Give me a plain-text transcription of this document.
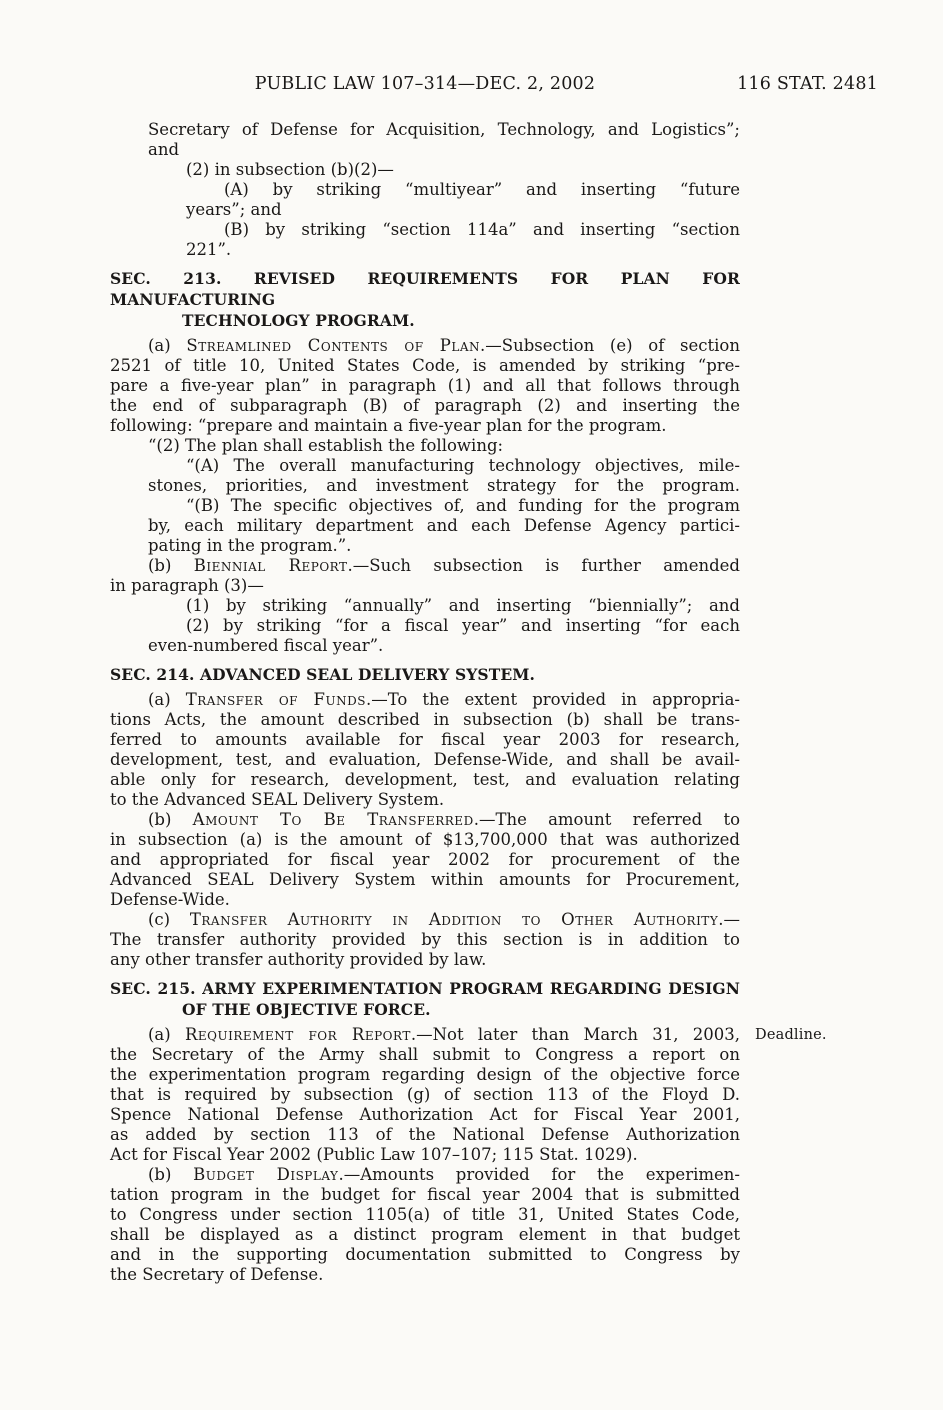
PUBLIC LAW 107–314—DEC. 2, 2002	116 STAT. 2481
Secretary of Defense for Acquisition, Technology, and Logistics”;
and
(2) in subsection (b)(2)—
(A) by striking “multiyear” and inserting “future
years”; and
(B) by striking “section 114a” and inserting “section
221”.
SEC. 213. REVISED REQUIREMENTS FOR PLAN FOR MANUFACTURING
TECHNOLOGY PROGRAM.
(a) Streamlined Contents of Plan.—Subsection (e) of section
2521 of title 10, United States Code, is amended by striking “pre-
pare a five-year plan” in paragraph (1) and all that follows through
the end of subparagraph (B) of paragraph (2) and inserting the
following: “prepare and maintain a five-year plan for the program.
“(2) The plan shall establish the following:
“(A) The overall manufacturing technology objectives, mile-
stones, priorities, and investment strategy for the program.
“(B) The specific objectives of, and funding for the program
by, each military department and each Defense Agency partici-
pating in the program.”.
(b) Biennial Report.—Such subsection is further amended
in paragraph (3)—
(1) by striking “annually” and inserting “biennially”; and
(2) by striking “for a fiscal year” and inserting “for each
even-numbered fiscal year”.
SEC. 214. ADVANCED SEAL DELIVERY SYSTEM.
(a) Transfer of Funds.—To the extent provided in appropria-
tions Acts, the amount described in subsection (b) shall be trans-
ferred to amounts available for fiscal year 2003 for research,
development, test, and evaluation, Defense-Wide, and shall be avail-
able only for research, development, test, and evaluation relating
to the Advanced SEAL Delivery System.
(b) Amount To Be Transferred.—The amount referred to
in subsection (a) is the amount of $13,700,000 that was authorized
and appropriated for fiscal year 2002 for procurement of the
Advanced SEAL Delivery System within amounts for Procurement,
Defense-Wide.
(c) Transfer Authority in Addition to Other Authority.—
The transfer authority provided by this section is in addition to
any other transfer authority provided by law.
SEC. 215. ARMY EXPERIMENTATION PROGRAM REGARDING DESIGN
OF THE OBJECTIVE FORCE.
(a) Requirement for Report.—Not later than March 31, 2003, Deadline.
the Secretary of the Army shall submit to Congress a report on
the experimentation program regarding design of the objective force
that is required by subsection (g) of section 113 of the Floyd D.
Spence National Defense Authorization Act for Fiscal Year 2001,
as added by section 113 of the National Defense Authorization
Act for Fiscal Year 2002 (Public Law 107–107; 115 Stat. 1029).
(b) Budget Display.—Amounts provided for the experimen-
tation program in the budget for fiscal year 2004 that is submitted
to Congress under section 1105(a) of title 31, United States Code,
shall be displayed as a distinct program element in that budget
and in the supporting documentation submitted to Congress by
the Secretary of Defense.
